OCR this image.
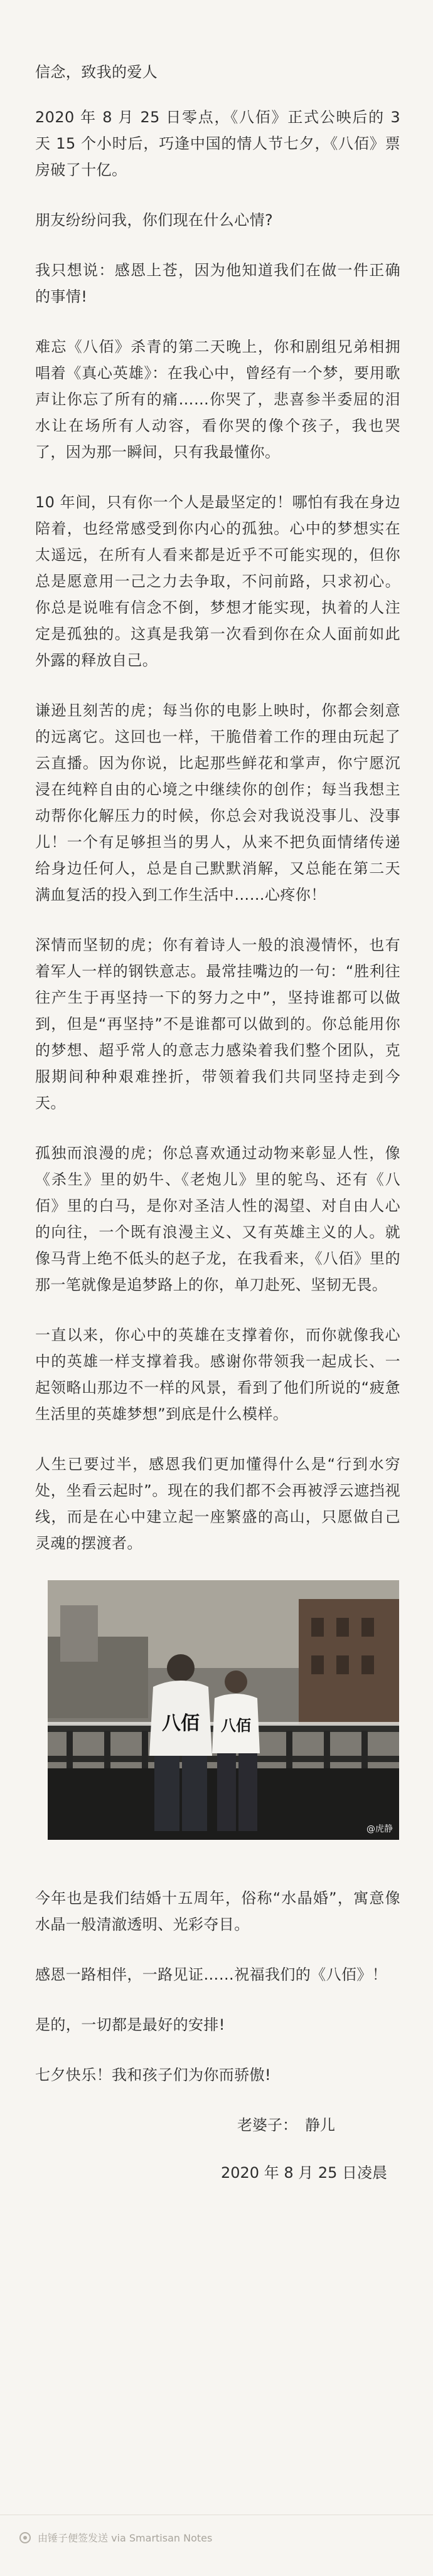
信念，致我的爱人

2020 年 8 月 25 日零点，《八佰》正式公映后的 3 天 15 个小时后，巧逢中国的情人节七夕，《八佰》票房破了十亿。

朋友纷纷问我，你们现在什么心情?

我只想说：感恩上苍，因为他知道我们在做一件正确的事情!

难忘《八佰》杀青的第二天晚上，你和剧组兄弟相拥唱着《真心英雄》：在我心中，曾经有一个梦，要用歌声让你忘了所有的痛……你哭了，悲喜参半委屈的泪水让在场所有人动容，看你哭的像个孩子，我也哭了，因为那一瞬间，只有我最懂你。

10 年间，只有你一个人是最坚定的！哪怕有我在身边陪着，也经常感受到你内心的孤独。心中的梦想实在太遥远，在所有人看来都是近乎不可能实现的，但你总是愿意用一己之力去争取，不问前路，只求初心。你总是说唯有信念不倒，梦想才能实现，执着的人注定是孤独的。这真是我第一次看到你在众人面前如此外露的释放自己。

谦逊且刻苦的虎；每当你的电影上映时，你都会刻意的远离它。这回也一样，干脆借着工作的理由玩起了云直播。因为你说，比起那些鲜花和掌声，你宁愿沉浸在纯粹自由的心境之中继续你的创作；每当我想主动帮你化解压力的时候，你总会对我说没事儿、没事儿！一个有足够担当的男人，从来不把负面情绪传递给身边任何人，总是自己默默消解，又总能在第二天满血复活的投入到工作生活中……心疼你！

深情而坚韧的虎；你有着诗人一般的浪漫情怀，也有着军人一样的钢铁意志。最常挂嘴边的一句：“胜利往往产生于再坚持一下的努力之中”，坚持谁都可以做到，但是“再坚持”不是谁都可以做到的。你总能用你的梦想、超乎常人的意志力感染着我们整个团队，克服期间种种艰难挫折，带领着我们共同坚持走到今天。

孤独而浪漫的虎；你总喜欢通过动物来彰显人性，像《杀生》里的奶牛、《老炮儿》里的鸵鸟、还有《八佰》里的白马，是你对圣洁人性的渴望、对自由人心的向往，一个既有浪漫主义、又有英雄主义的人。就像马背上绝不低头的赵子龙，在我看来，《八佰》里的那一笔就像是追梦路上的你，单刀赴死、坚韧无畏。

一直以来，你心中的英雄在支撑着你，而你就像我心中的英雄一样支撑着我。感谢你带领我一起成长、一起领略山那边不一样的风景，看到了他们所说的“疲惫生活里的英雄梦想”到底是什么模样。

人生已要过半，感恩我们更加懂得什么是“行到水穷处，坐看云起时”。现在的我们都不会再被浮云遮挡视线，而是在心中建立起一座繁盛的高山，只愿做自己灵魂的摆渡者。

八佰 八佰
@虎静

今年也是我们结婚十五周年，俗称“水晶婚”，寓意像水晶一般清澈透明、光彩夺目。

感恩一路相伴，一路见证……祝福我们的《八佰》！

是的，一切都是最好的安排!

七夕快乐！我和孩子们为你而骄傲!

老婆子：　静儿

2020 年 8 月 25 日凌晨

由锤子便签发送 via Smartisan Notes
